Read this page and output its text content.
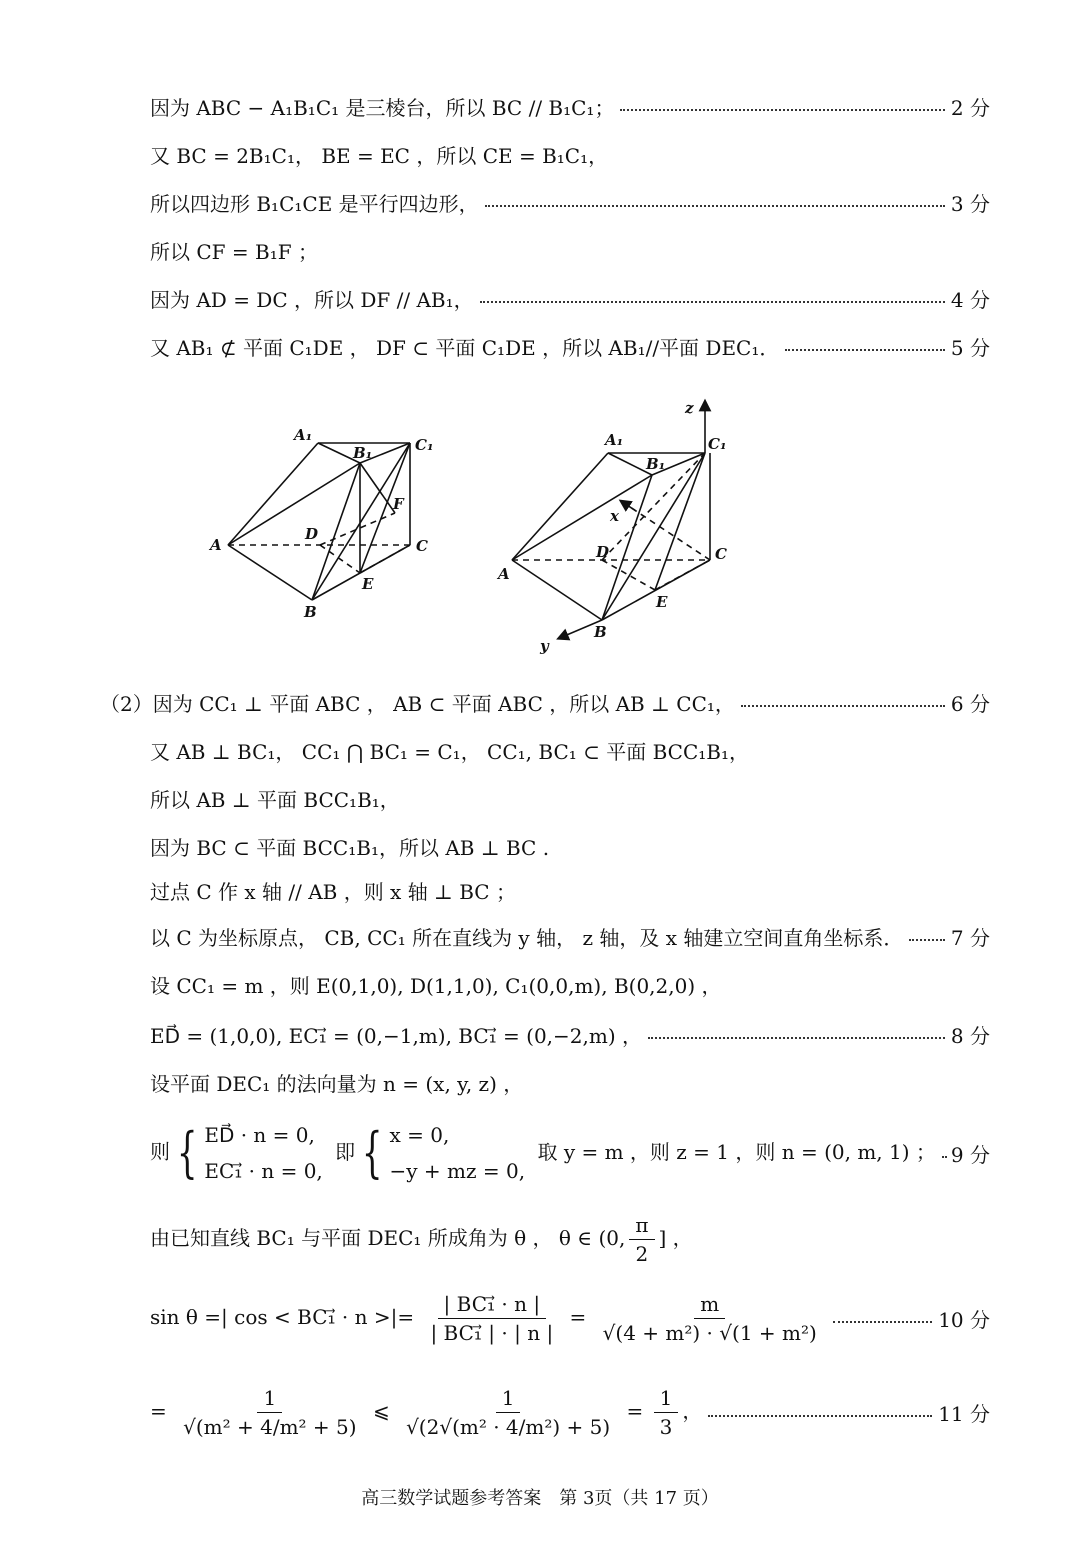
因为 ABC − A₁B₁C₁ 是三棱台，所以 BC // B₁C₁；	2 分
又 BC = 2B₁C₁， BE = EC ，所以 CE = B₁C₁，
所以四边形 B₁C₁CE 是平行四边形，	3 分
所以 CF = B₁F ；
因为 AD = DC ，所以 DF // AB₁，	4 分
又 AB₁ ⊄ 平面 C₁DE ， DF ⊂ 平面 C₁DE ，所以 AB₁//平面 DEC₁．	5 分
A₁
B₁	C₁
A
B
C
D
E
F
z
A₁
B₁
C₁
x
D	C
A
E
B
y
（2）因为 CC₁ ⊥ 平面 ABC ， AB ⊂ 平面 ABC ，所以 AB ⊥ CC₁，	6 分
又 AB ⊥ BC₁， CC₁ ⋂ BC₁ = C₁， CC₁, BC₁ ⊂ 平面 BCC₁B₁，
所以 AB ⊥ 平面 BCC₁B₁，
因为 BC ⊂ 平面 BCC₁B₁，所以 AB ⊥ BC .
过点 C 作 x 轴 // AB ，则 x 轴 ⊥ BC ；
以 C 为坐标原点， CB, CC₁ 所在直线为 y 轴， z 轴，及 x 轴建立空间直角坐标系． 7 分
设 CC₁ = m ，则 E(0,1,0), D(1,1,0), C₁(0,0,m), B(0,2,0) ，
ED⃗ = (1,0,0), EC₁⃗ = (0,−1,m), BC₁⃗ = (0,−2,m) ，	8 分
设平面 DEC₁ 的法向量为 n = (x, y, z) ，
则 { ED⃗ · n = 0,
EC₁⃗ · n = 0,
即 { x = 0,
−y + mz = 0,
取 y = m ，则 z = 1 ，则 n = (0, m, 1) ； 9 分
由已知直线 BC₁ 与平面 DEC₁ 所成角为 θ ， θ ∈ (0, $\frac{\pi}{2}$ ] ，
sin θ =| cos < BC₁⃗ · n >|= $\frac{\text{| BC₁⃗ · n |}}{\text{| BC₁⃗ | · | n |}} = \frac{m}{\text{√(4 + m²) · √(1 + m²)}}$	10 分
= $\frac{1}{\text{√(m² + 4/m² + 5)}}$ ⩽ $\frac{1}{\text{√(2√(m² · 4/m²) + 5)}} = \frac{1}{3}$ ，	11 分
高三数学试题参考答案　第 3页（共 17 页）
